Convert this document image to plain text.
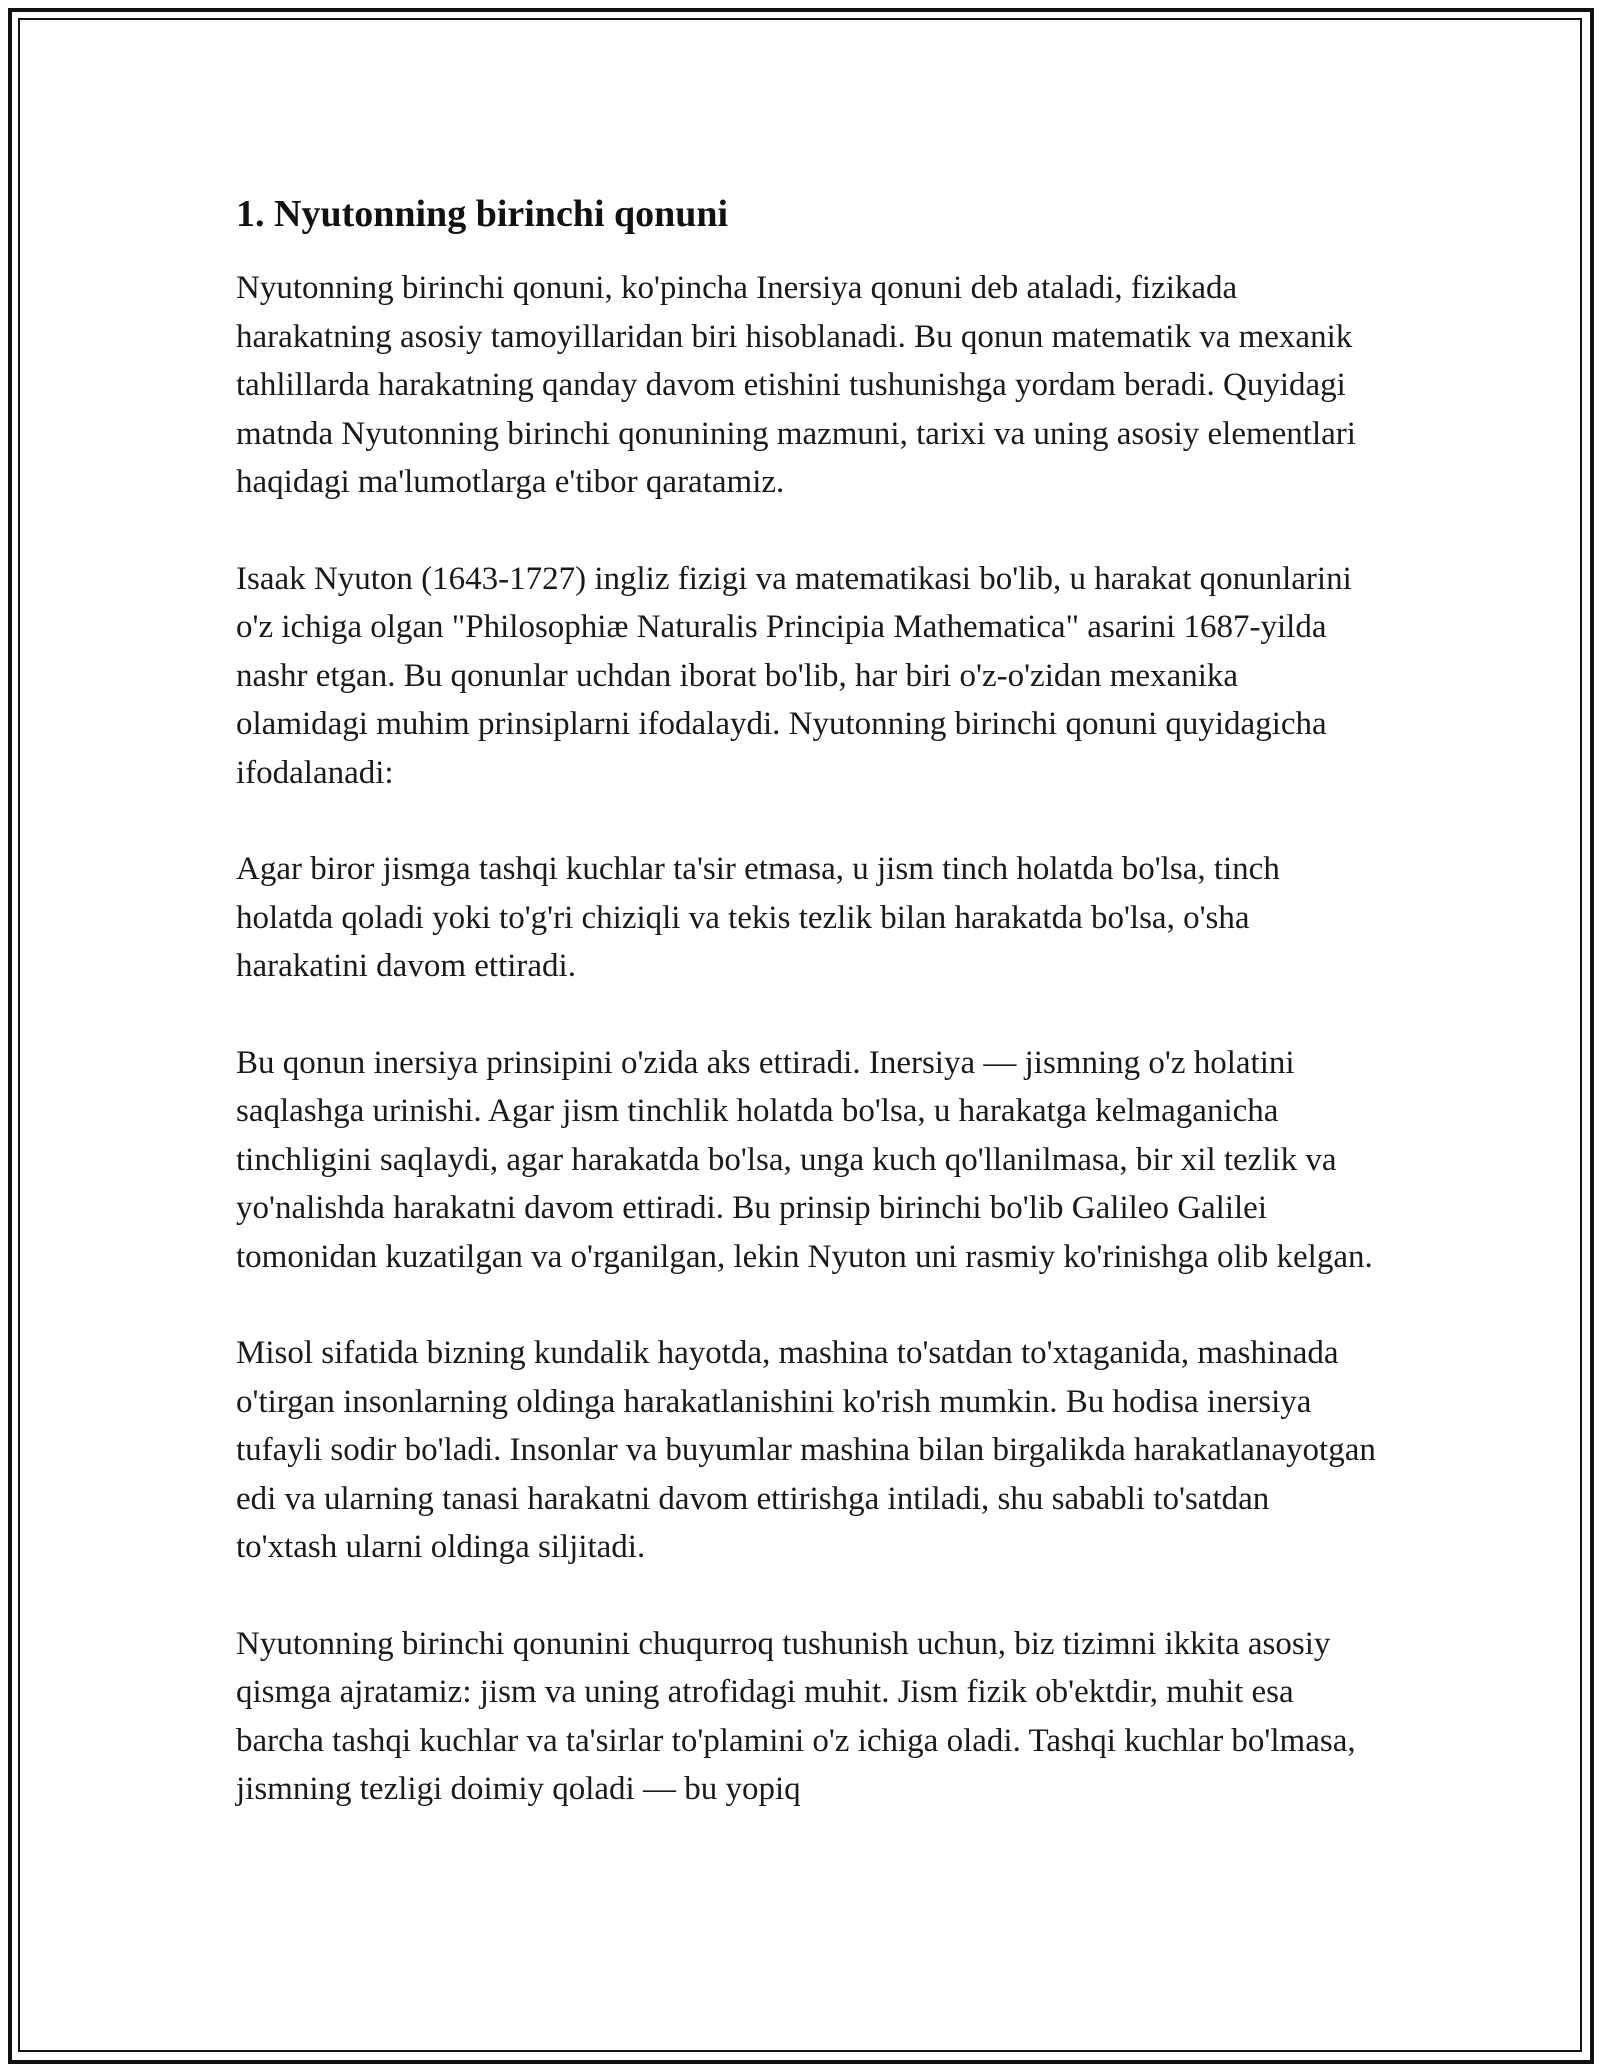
1. Nyutonning birinchi qonuni

Nyutonning birinchi qonuni, ko'pincha Inersiya qonuni deb ataladi, fizikada harakatning asosiy tamoyillaridan biri hisoblanadi. Bu qonun matematik va mexanik tahlillarda harakatning qanday davom etishini tushunishga yordam beradi. Quyidagi matnda Nyutonning birinchi qonunining mazmuni, tarixi va uning asosiy elementlari haqidagi ma'lumotlarga e'tibor qaratamiz.

Isaak Nyuton (1643-1727) ingliz fizigi va matematikasi bo'lib, u harakat qonunlarini o'z ichiga olgan "Philosophiæ Naturalis Principia Mathematica" asarini 1687-yilda nashr etgan. Bu qonunlar uchdan iborat bo'lib, har biri o'z-o'zidan mexanika olamidagi muhim prinsiplarni ifodalaydi. Nyutonning birinchi qonuni quyidagicha ifodalanadi:

Agar biror jismga tashqi kuchlar ta'sir etmasa, u jism tinch holatda bo'lsa, tinch holatda qoladi yoki to'g'ri chiziqli va tekis tezlik bilan harakatda bo'lsa, o'sha harakatini davom ettiradi.

Bu qonun inersiya prinsipini o'zida aks ettiradi. Inersiya — jismning o'z holatini saqlashga urinishi. Agar jism tinchlik holatda bo'lsa, u harakatga kelmaganicha tinchligini saqlaydi, agar harakatda bo'lsa, unga kuch qo'llanilmasa, bir xil tezlik va yo'nalishda harakatni davom ettiradi. Bu prinsip birinchi bo'lib Galileo Galilei tomonidan kuzatilgan va o'rganilgan, lekin Nyuton uni rasmiy ko'rinishga olib kelgan.

Misol sifatida bizning kundalik hayotda, mashina to'satdan to'xtaganida, mashinada o'tirgan insonlarning oldinga harakatlanishini ko'rish mumkin. Bu hodisa inersiya tufayli sodir bo'ladi. Insonlar va buyumlar mashina bilan birgalikda harakatlanayotgan edi va ularning tanasi harakatni davom ettirishga intiladi, shu sababli to'satdan to'xtash ularni oldinga siljitadi.

Nyutonning birinchi qonunini chuqurroq tushunish uchun, biz tizimni ikkita asosiy qismga ajratamiz: jism va uning atrofidagi muhit. Jism fizik ob'ektdir, muhit esa barcha tashqi kuchlar va ta'sirlar to'plamini o'z ichiga oladi. Tashqi kuchlar bo'lmasa, jismning tezligi doimiy qoladi — bu yopiq
